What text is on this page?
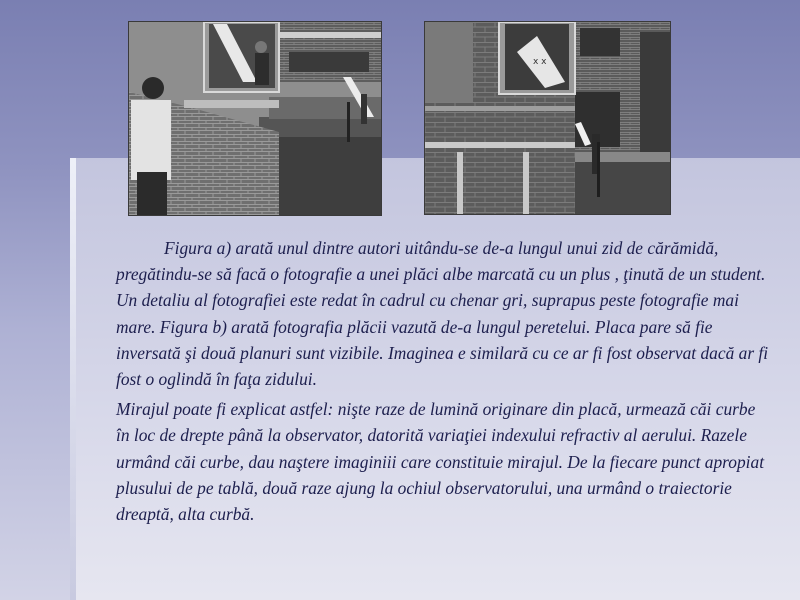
x x

Figura a) arată unul dintre autori uitându-se de-a lungul unui zid de cărămidă, pregătindu-se să facă o fotografie a unei plăci albe marcată cu un plus , ţinută de un student. Un detaliu al fotografiei este redat în cadrul cu chenar gri, suprapus peste fotografie mai mare. Figura b) arată fotografia plăcii vazută de-a lungul peretelui. Placa pare să fie inversată şi două planuri sunt vizibile. Imaginea e similară cu ce ar fi fost observat dacă ar fi fost o oglindă în faţa zidului.

Mirajul poate fi explicat astfel: nişte raze de lumină originare din placă, urmează căi curbe în loc de drepte până la observator, datorită variaţiei indexului refractiv al aerului. Razele urmând căi curbe, dau naştere imaginiii care constituie mirajul. De la fiecare punct apropiat plusului de pe tablă, două raze ajung la ochiul observatorului, una urmând o traiectorie dreaptă, alta curbă.
